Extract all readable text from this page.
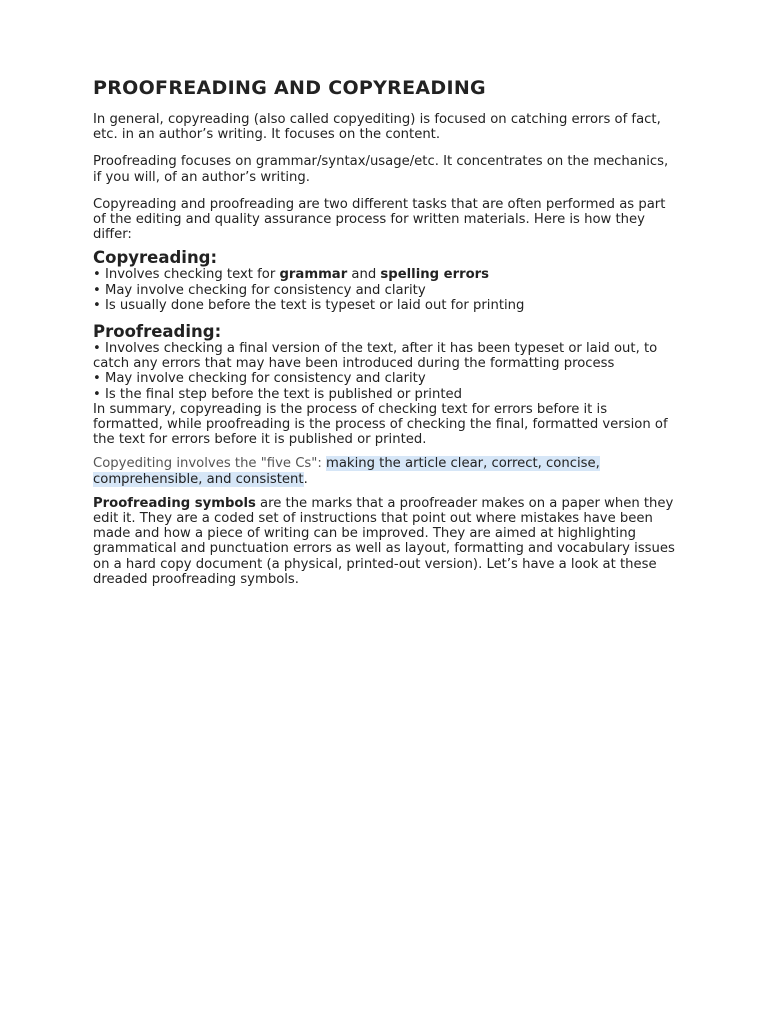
PROOFREADING AND COPYREADING

In general, copyreading (also called copyediting) is focused on catching errors of fact, etc. in an author’s writing. It focuses on the content.

Proofreading focuses on grammar/syntax/usage/etc. It concentrates on the mechanics, if you will, of an author’s writing.

Copyreading and proofreading are two different tasks that are often performed as part of the editing and quality assurance process for written materials. Here is how they differ:

Copyreading:
• Involves checking text for grammar and spelling errors
• May involve checking for consistency and clarity
• Is usually done before the text is typeset or laid out for printing
Proofreading:
• Involves checking a final version of the text, after it has been typeset or laid out, to catch any errors that may have been introduced during the formatting process
• May involve checking for consistency and clarity
• Is the final step before the text is published or printed
In summary, copyreading is the process of checking text for errors before it is formatted, while proofreading is the process of checking the final, formatted version of the text for errors before it is published or printed.

Copyediting involves the "five Cs": making the article clear, correct, concise, comprehensible, and consistent.

Proofreading symbols are the marks that a proofreader makes on a paper when they edit it. They are a coded set of instructions that point out where mistakes have been made and how a piece of writing can be improved. They are aimed at highlighting grammatical and punctuation errors as well as layout, formatting and vocabulary issues on a hard copy document (a physical, printed-out version). Let’s have a look at these dreaded proofreading symbols.
